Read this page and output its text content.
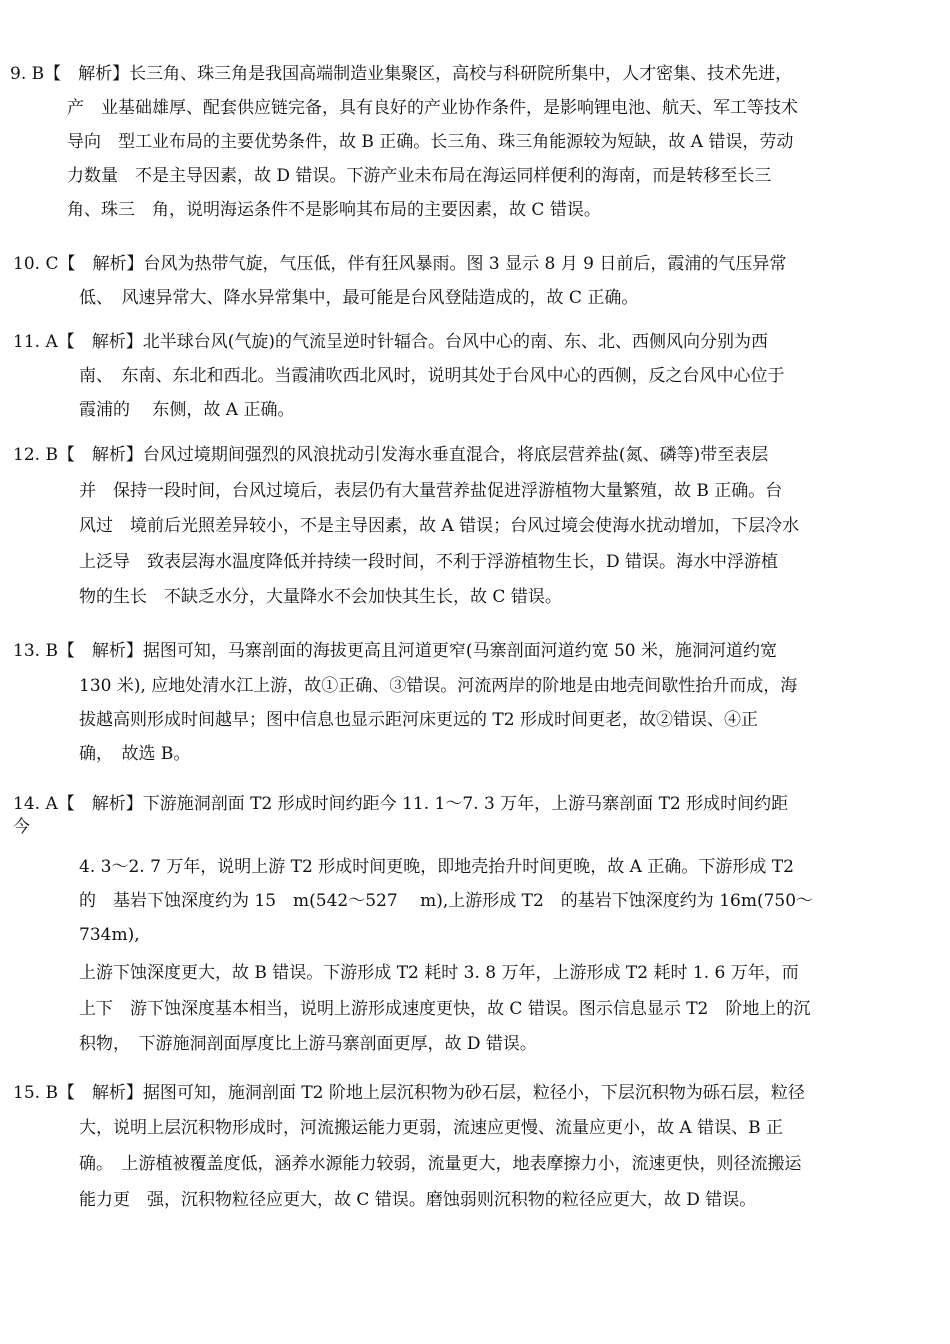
9. B【　解析】长三角、珠三角是我国高端制造业集聚区，高校与科研院所集中，人才密集、技术先进，
产　业基础雄厚、配套供应链完备，具有良好的产业协作条件，是影响锂电池、航天、军工等技术
导向　型工业布局的主要优势条件，故 B 正确。长三角、珠三角能源较为短缺，故 A 错误，劳动
力数量　不是主导因素，故 D 错误。下游产业未布局在海运同样便利的海南，而是转移至长三
角、珠三　角，说明海运条件不是影响其布局的主要因素，故 C 错误。
10. C【　解析】台风为热带气旋，气压低，伴有狂风暴雨。图 3 显示 8 月 9 日前后，霞浦的气压异常
低、　风速异常大、降水异常集中，最可能是台风登陆造成的，故 C 正确。
11. A【　解析】北半球台风(气旋)的气流呈逆时针辐合。台风中心的南、东、北、西侧风向分别为西
南、　东南、东北和西北。当霞浦吹西北风时，说明其处于台风中心的西侧，反之台风中心位于
霞浦的　 东侧，故 A 正确。
12. B【　解析】台风过境期间强烈的风浪扰动引发海水垂直混合，将底层营养盐(氮、磷等)带至表层
并　保持一段时间，台风过境后，表层仍有大量营养盐促进浮游植物大量繁殖，故 B 正确。台
风过　境前后光照差异较小，不是主导因素，故 A 错误；台风过境会使海水扰动增加，下层冷水
上泛导　致表层海水温度降低并持续一段时间，不利于浮游植物生长，D 错误。海水中浮游植
物的生长　不缺乏水分，大量降水不会加快其生长，故 C 错误。
13. B【　解析】据图可知，马寨剖面的海拔更高且河道更窄(马寨剖面河道约宽 50 米，施洞河道约宽
130 米), 应地处清水江上游，故①正确、③错误。河流两岸的阶地是由地壳间歇性抬升而成，海
拔越高则形成时间越早；图中信息也显示距河床更远的 T2 形成时间更老，故②错误、④正
确，　故选 B。
14. A【　解析】下游施洞剖面 T2 形成时间约距今 11. 1～7. 3 万年，上游马寨剖面 T2 形成时间约距
今
4. 3～2. 7 万年，说明上游 T2 形成时间更晚，即地壳抬升时间更晚，故 A 正确。下游形成 T2
的　基岩下蚀深度约为 15　m(542～527　 m),上游形成 T2　的基岩下蚀深度约为 16m(750～
734m),
上游下蚀深度更大，故 B 错误。下游形成 T2 耗时 3. 8 万年，上游形成 T2 耗时 1. 6 万年，而
上下　游下蚀深度基本相当，说明上游形成速度更快，故 C 错误。图示信息显示 T2　阶地上的沉
积物，　下游施洞剖面厚度比上游马寨剖面更厚，故 D 错误。
15. B【　解析】据图可知，施洞剖面 T2 阶地上层沉积物为砂石层，粒径小，下层沉积物为砾石层，粒径
大，说明上层沉积物形成时，河流搬运能力更弱，流速应更慢、流量应更小，故 A 错误、B 正
确。　上游植被覆盖度低，涵养水源能力较弱，流量更大，地表摩擦力小，流速更快，则径流搬运
能力更　强，沉积物粒径应更大，故 C 错误。磨蚀弱则沉积物的粒径应更大，故 D 错误。
